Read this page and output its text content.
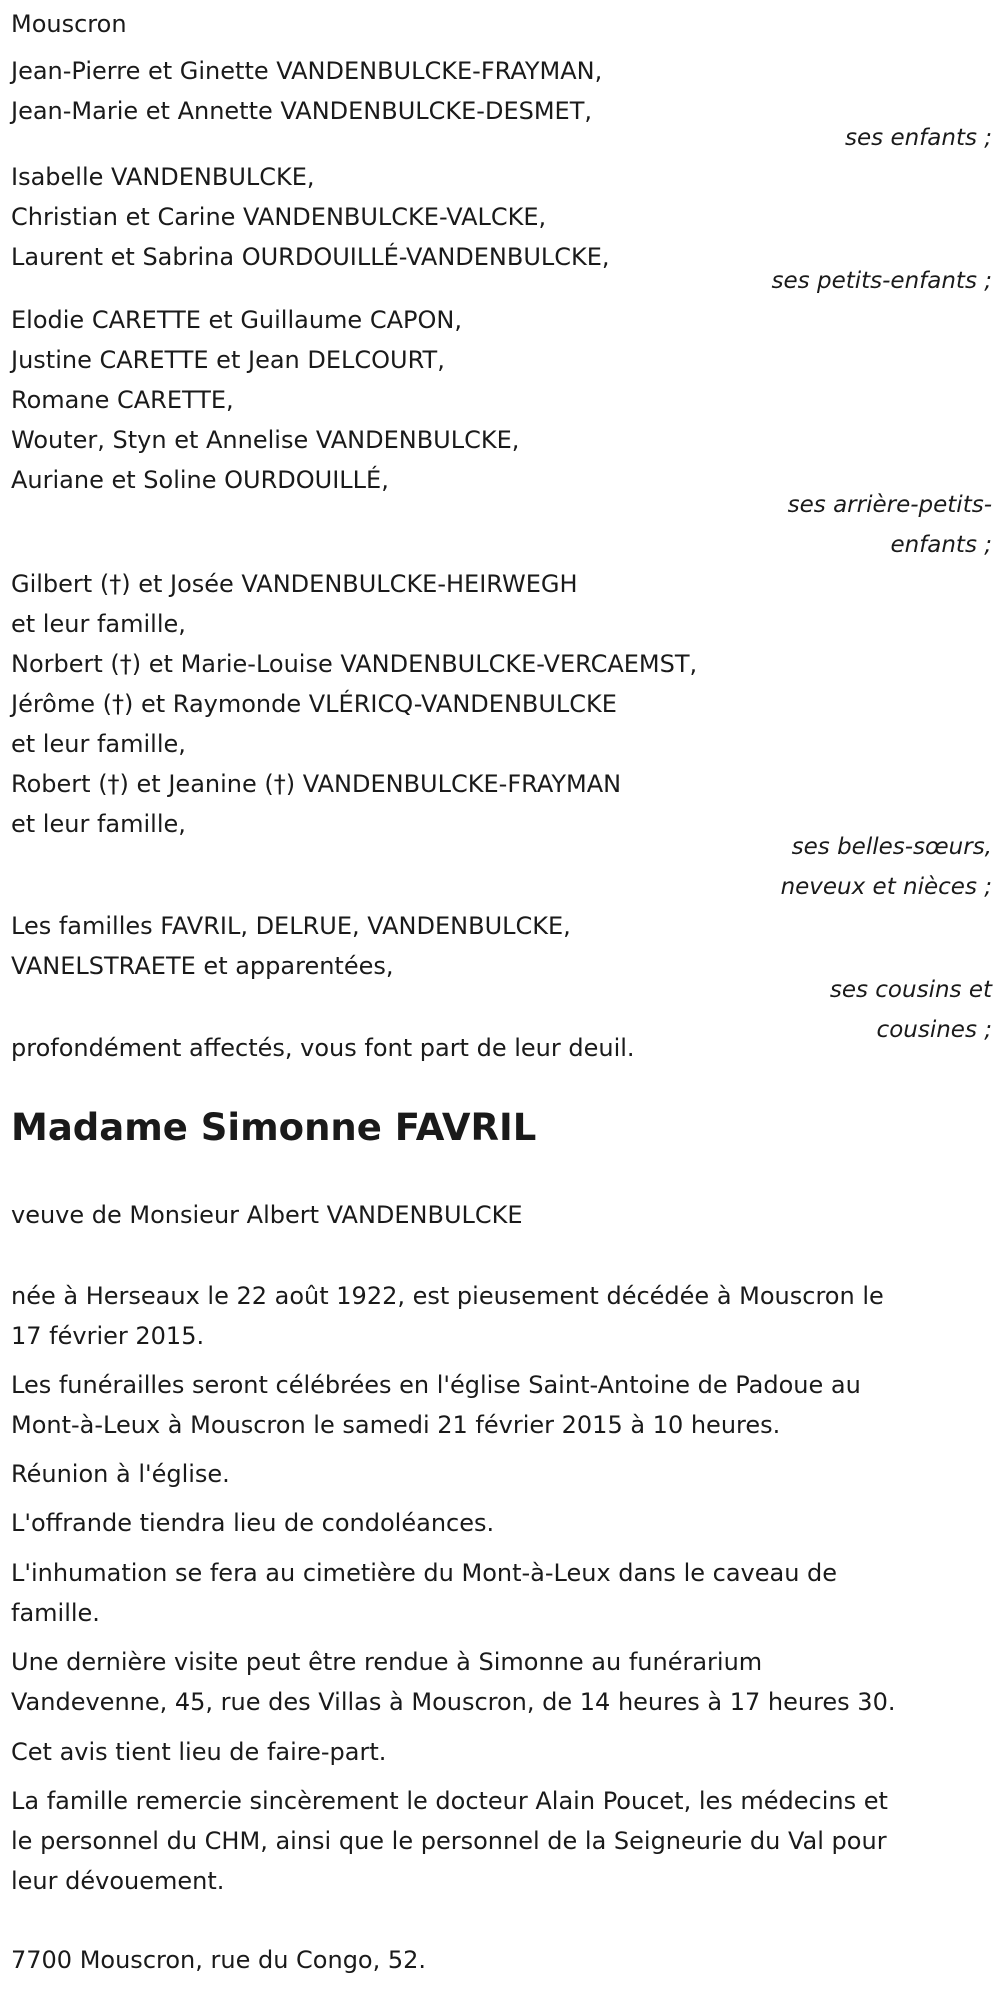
Mouscron

Jean-Pierre et Ginette VANDENBULCKE-FRAYMAN,

Jean-Marie et Annette VANDENBULCKE-DESMET,

ses enfants ;

Isabelle VANDENBULCKE,

Christian et Carine VANDENBULCKE-VALCKE,

Laurent et Sabrina OURDOUILLÉ-VANDENBULCKE,

ses petits-enfants ;

Elodie CARETTE et Guillaume CAPON,

Justine CARETTE et Jean DELCOURT,

Romane CARETTE,

Wouter, Styn et Annelise VANDENBULCKE,

Auriane et Soline OURDOUILLÉ,

ses arrière-petits-

enfants ;

Gilbert (†) et Josée VANDENBULCKE-HEIRWEGH

et leur famille,

Norbert (†) et Marie-Louise VANDENBULCKE-VERCAEMST,

Jérôme (†) et Raymonde VLÉRICQ-VANDENBULCKE

et leur famille,

Robert (†) et Jeanine (†) VANDENBULCKE-FRAYMAN

et leur famille,

ses belles-sœurs,

neveux et nièces ;

Les familles FAVRIL, DELRUE, VANDENBULCKE,

VANELSTRAETE et apparentées,

ses cousins et

cousines ;

profondément affectés, vous font part de leur deuil.

Madame Simonne FAVRIL

veuve de Monsieur Albert VANDENBULCKE

née à Herseaux le 22 août 1922, est pieusement décédée à Mouscron le

17 février 2015.

Les funérailles seront célébrées en l'église Saint-Antoine de Padoue au

Mont-à-Leux à Mouscron le samedi 21 février 2015 à 10 heures.

Réunion à l'église.

L'offrande tiendra lieu de condoléances.

L'inhumation se fera au cimetière du Mont-à-Leux dans le caveau de

famille.

Une dernière visite peut être rendue à Simonne au funérarium

Vandevenne, 45, rue des Villas à Mouscron, de 14 heures à 17 heures 30.

Cet avis tient lieu de faire-part.

La famille remercie sincèrement le docteur Alain Poucet, les médecins et

le personnel du CHM, ainsi que le personnel de la Seigneurie du Val pour

leur dévouement.

7700 Mouscron, rue du Congo, 52.
